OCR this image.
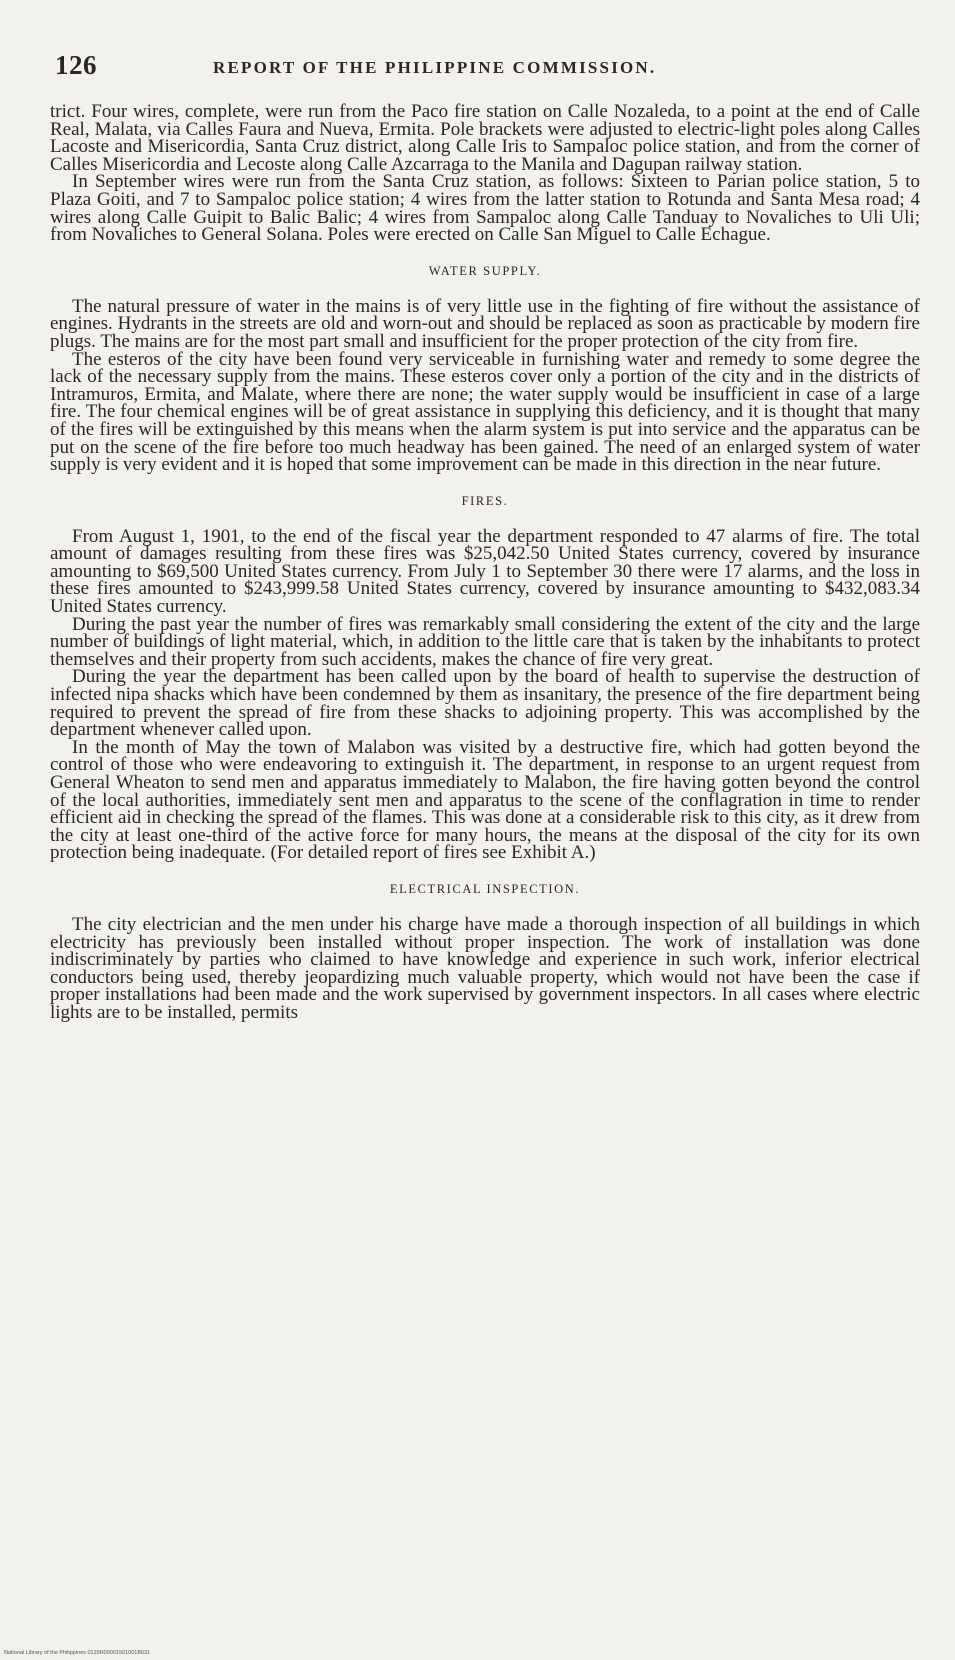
126	REPORT OF THE PHILIPPINE COMMISSION.

trict. Four wires, complete, were run from the Paco fire station on Calle Nozaleda, to a point at the end of Calle Real, Malata, via Calles Faura and Nueva, Ermita. Pole brackets were adjusted to electric-light poles along Calles Lacoste and Misericordia, Santa Cruz district, along Calle Iris to Sampaloc police station, and from the corner of Calles Misericordia and Lecoste along Calle Azcarraga to the Manila and Dagupan railway station.

In September wires were run from the Santa Cruz station, as follows: Sixteen to Parian police station, 5 to Plaza Goiti, and 7 to Sampaloc police station; 4 wires from the latter station to Rotunda and Santa Mesa road; 4 wires along Calle Guipit to Balic Balic; 4 wires from Sampaloc along Calle Tanduay to Novaliches to Uli Uli; from Novaliches to General Solana. Poles were erected on Calle San Miguel to Calle Echague.

WATER SUPPLY.

The natural pressure of water in the mains is of very little use in the fighting of fire without the assistance of engines. Hydrants in the streets are old and worn-out and should be replaced as soon as practicable by modern fire plugs. The mains are for the most part small and insufficient for the proper protection of the city from fire.

The esteros of the city have been found very serviceable in furnishing water and remedy to some degree the lack of the necessary supply from the mains. These esteros cover only a portion of the city and in the districts of Intramuros, Ermita, and Malate, where there are none; the water supply would be insufficient in case of a large fire. The four chemical engines will be of great assistance in supplying this deficiency, and it is thought that many of the fires will be extinguished by this means when the alarm system is put into service and the apparatus can be put on the scene of the fire before too much headway has been gained. The need of an enlarged system of water supply is very evident and it is hoped that some improvement can be made in this direction in the near future.

FIRES.

From August 1, 1901, to the end of the fiscal year the department responded to 47 alarms of fire. The total amount of damages resulting from these fires was $25,042.50 United States currency, covered by insurance amounting to $69,500 United States currency. From July 1 to September 30 there were 17 alarms, and the loss in these fires amounted to $243,999.58 United States currency, covered by insurance amounting to $432,083.34 United States currency.

During the past year the number of fires was remarkably small considering the extent of the city and the large number of buildings of light material, which, in addition to the little care that is taken by the inhabitants to protect themselves and their property from such accidents, makes the chance of fire very great.

During the year the department has been called upon by the board of health to supervise the destruction of infected nipa shacks which have been condemned by them as insanitary, the presence of the fire department being required to prevent the spread of fire from these shacks to adjoining property. This was accomplished by the department whenever called upon.

In the month of May the town of Malabon was visited by a destructive fire, which had gotten beyond the control of those who were endeavoring to extinguish it. The department, in response to an urgent request from General Wheaton to send men and apparatus immediately to Malabon, the fire having gotten beyond the control of the local authorities, immediately sent men and apparatus to the scene of the conflagration in time to render efficient aid in checking the spread of the flames. This was done at a considerable risk to this city, as it drew from the city at least one-third of the active force for many hours, the means at the disposal of the city for its own protection being inadequate. (For detailed report of fires see Exhibit A.)

ELECTRICAL INSPECTION.

The city electrician and the men under his charge have made a thorough inspection of all buildings in which electricity has previously been installed without proper inspection. The work of installation was done indiscriminately by parties who claimed to have knowledge and experience in such work, inferior electrical conductors being used, thereby jeopardizing much valuable property, which would not have been the case if proper installations had been made and the work supervised by government inspectors. In all cases where electric lights are to be installed, permits

National Library of the Philippines 0129R00001501001B631
